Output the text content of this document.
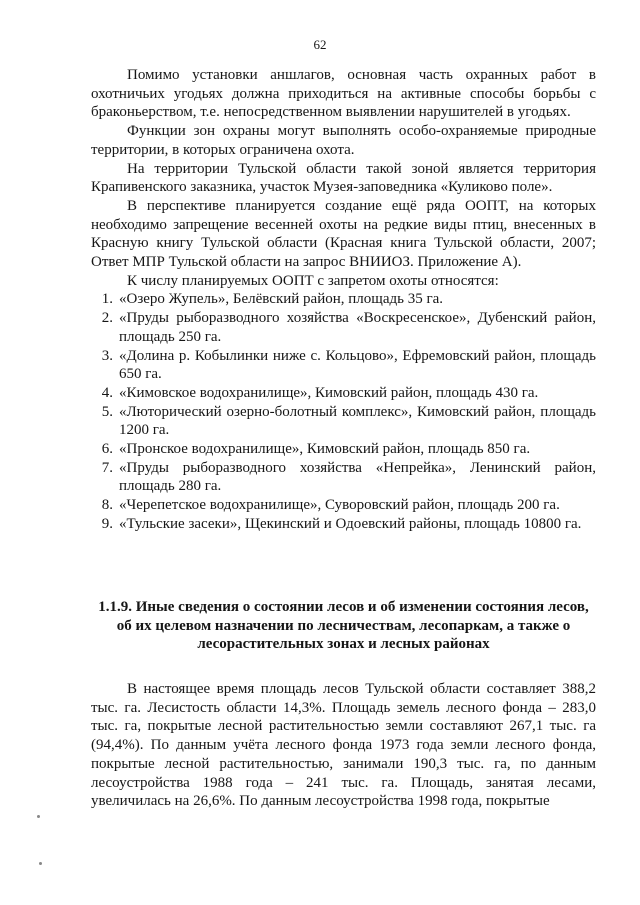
62

Помимо установки аншлагов, основная часть охранных работ в охотничьих угодьях должна приходиться на активные способы борьбы с браконьерством, т.е. непосредственном выявлении нарушителей в угодьях.

Функции зон охраны могут выполнять особо-охраняемые природные территории, в которых ограничена охота.

На территории Тульской области такой зоной является территория Крапивенского заказника, участок Музея-заповедника «Куликово поле».

В перспективе планируется создание ещё ряда ООПТ, на которых необходимо запрещение весенней охоты на редкие виды птиц, внесенных в Красную книгу Тульской области (Красная книга Тульской области, 2007; Ответ МПР Тульской области на запрос ВНИИОЗ. Приложение А).

К числу планируемых ООПТ с запретом охоты относятся:

1. «Озеро Жупель», Белёвский район, площадь 35 га.
2. «Пруды рыборазводного хозяйства «Воскресенское», Дубенский район, площадь 250 га.
3. «Долина р. Кобылинки ниже с. Кольцово», Ефремовский район, площадь 650 га.
4. «Кимовское водохранилище», Кимовский район, площадь 430 га.
5. «Люторический озерно-болотный комплекс», Кимовский район, площадь 1200 га.
6. «Пронское водохранилище», Кимовский район, площадь 850 га.
7. «Пруды рыборазводного хозяйства «Непрейка», Ленинский район, площадь 280 га.
8. «Черепетское водохранилище», Суворовский район, площадь 200 га.
9. «Тульские засеки», Щекинский и Одоевский районы, площадь 10800 га.
1.1.9. Иные сведения о состоянии лесов и об изменении состояния лесов, об их целевом назначении по лесничествам, лесопаркам, а также о лесорастительных зонах и лесных районах

В настоящее время площадь лесов Тульской области составляет 388,2 тыс. га. Лесистость области 14,3%. Площадь земель лесного фонда – 283,0 тыс. га, покрытые лесной растительностью земли составляют 267,1 тыс. га (94,4%). По данным учёта лесного фонда 1973 года земли лесного фонда, покрытые лесной растительностью, занимали 190,3 тыс. га, по данным лесоустройства 1988 года – 241 тыс. га. Площадь, занятая лесами, увеличилась на 26,6%. По данным лесоустройства 1998 года, покрытые
